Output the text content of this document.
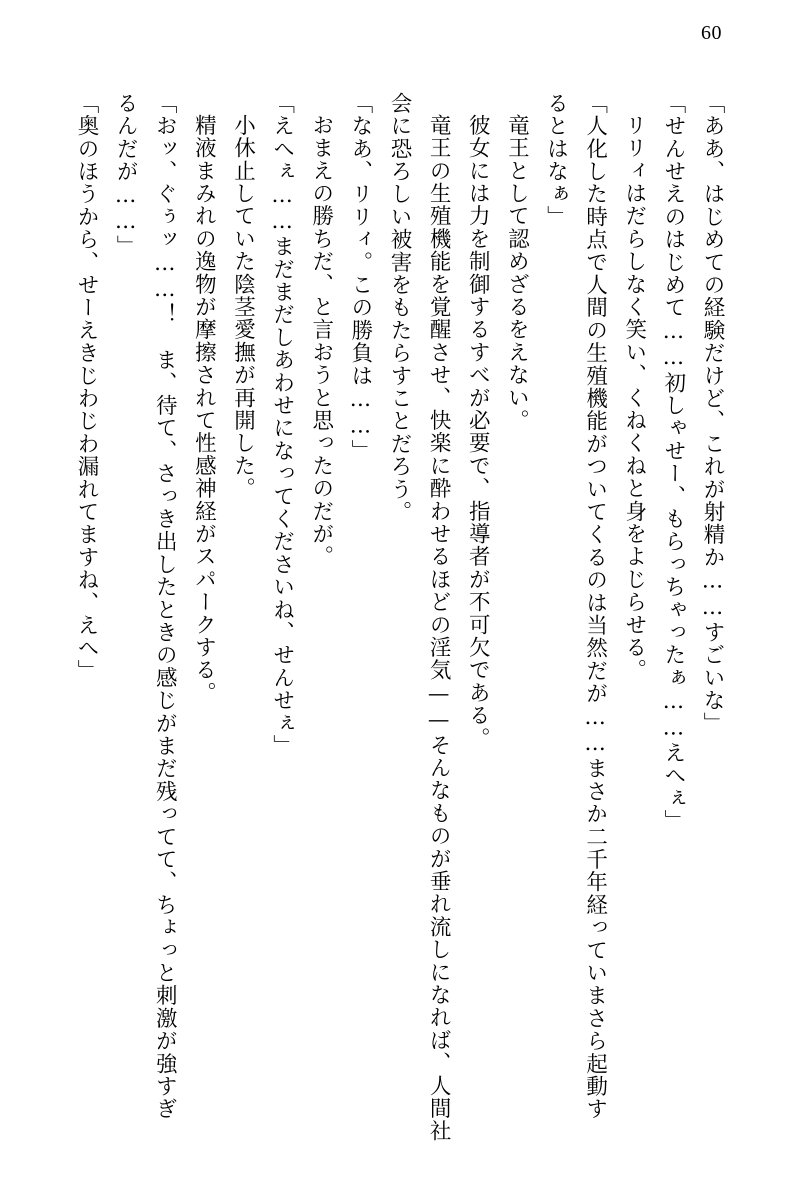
60

「ああ、はじめての経験だけど、これが射精か……すごいな」

「せんせえのはじめて……初しゃせー、もらっちゃったぁ……えへぇ」

リリィはだらしなく笑い、くねくねと身をよじらせる。

「人化した時点で人間の生殖機能がついてくるのは当然だが……まさか二千年経っていまさら起動するとはなぁ」

竜王として認めざるをえない。

彼女には力を制御するすべが必要で、指導者が不可欠である。

竜王の生殖機能を覚醒させ、快楽に酔わせるほどの淫気——そんなものが垂れ流しになれば、人間社会に恐ろしい被害をもたらすことだろう。

「なあ、リリィ。この勝負は……」

おまえの勝ちだ、と言おうと思ったのだが。

「えへぇ……まだまだしあわせになってくださいね、せんせぇ」

小休止していた陰茎愛撫が再開した。

精液まみれの逸物が摩擦されて性感神経がスパークする。

「おッ、ぐぅッ……！　ま、待て、さっき出したときの感じがまだ残ってて、ちょっと刺激が強すぎるんだが……」

「奥のほうから、せーえきじわじわ漏れてますね、えへ」
